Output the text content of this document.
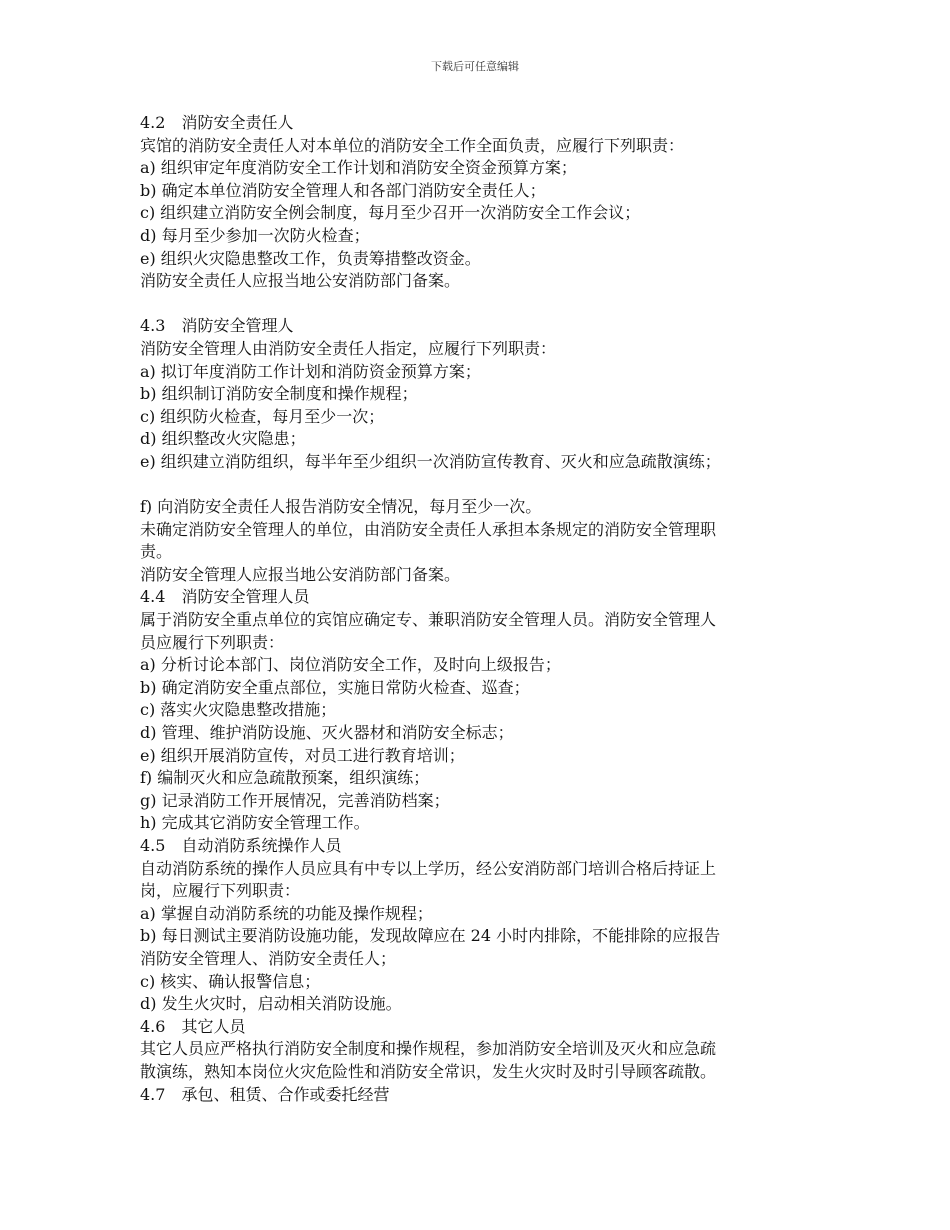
下载后可任意编辑
4.2　消防安全责任人
宾馆的消防安全责任人对本单位的消防安全工作全面负责，应履行下列职责：
a) 组织审定年度消防安全工作计划和消防安全资金预算方案；
b) 确定本单位消防安全管理人和各部门消防安全责任人；
c) 组织建立消防安全例会制度，每月至少召开一次消防安全工作会议；
d) 每月至少参加一次防火检查；
e) 组织火灾隐患整改工作，负责筹措整改资金。
消防安全责任人应报当地公安消防部门备案。
4.3　消防安全管理人
消防安全管理人由消防安全责任人指定，应履行下列职责：
a) 拟订年度消防工作计划和消防资金预算方案；
b) 组织制订消防安全制度和操作规程；
c) 组织防火检查，每月至少一次；
d) 组织整改火灾隐患；
e) 组织建立消防组织，每半年至少组织一次消防宣传教育、灭火和应急疏散演练；
f) 向消防安全责任人报告消防安全情况，每月至少一次。
未确定消防安全管理人的单位，由消防安全责任人承担本条规定的消防安全管理职
责。
消防安全管理人应报当地公安消防部门备案。
4.4　消防安全管理人员
属于消防安全重点单位的宾馆应确定专、兼职消防安全管理人员。消防安全管理人
员应履行下列职责：
a) 分析讨论本部门、岗位消防安全工作，及时向上级报告；
b) 确定消防安全重点部位，实施日常防火检查、巡查；
c) 落实火灾隐患整改措施；
d) 管理、维护消防设施、灭火器材和消防安全标志；
e) 组织开展消防宣传，对员工进行教育培训；
f) 编制灭火和应急疏散预案，组织演练；
g) 记录消防工作开展情况，完善消防档案；
h) 完成其它消防安全管理工作。
4.5　自动消防系统操作人员
自动消防系统的操作人员应具有中专以上学历，经公安消防部门培训合格后持证上
岗，应履行下列职责：
a) 掌握自动消防系统的功能及操作规程；
b) 每日测试主要消防设施功能，发现故障应在 24 小时内排除，不能排除的应报告
消防安全管理人、消防安全责任人；
c) 核实、确认报警信息；
d) 发生火灾时，启动相关消防设施。
4.6　其它人员
其它人员应严格执行消防安全制度和操作规程，参加消防安全培训及灭火和应急疏
散演练，熟知本岗位火灾危险性和消防安全常识，发生火灾时及时引导顾客疏散。
4.7　承包、租赁、合作或委托经营
